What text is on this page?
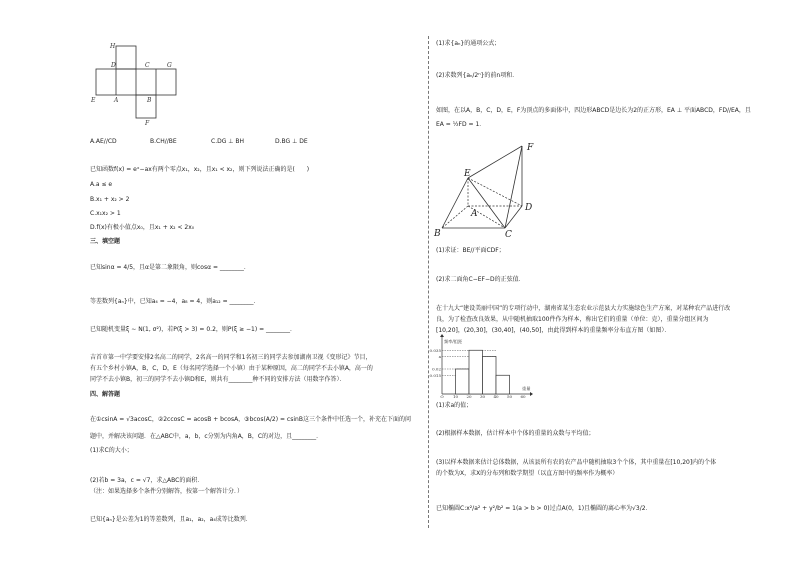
H
D	C	G
E	A	B
F
A.AE//CD	B.CH//BE	C.DG ⊥ BH	D.BG ⊥ DE
已知函数f(x) = eˣ−ax有两个零点x₁，x₂，且x₁ < x₂，则下列说法正确的是(　　)
A.a ≤ e
B.x₁ + x₂ > 2
C.x₁x₂ > 1
D.f(x)有极小值点x₀，且x₁ + x₂ < 2x₀
三、填空题
已知sinα = 4/5，且α是第二象限角，则cosα = ________．
等差数列{aₙ}中，已知a₄ = −4，a₈ = 4，则a₁₂ = ________．
已知随机变量ξ ∼ N(1, σ²)，若P(ξ > 3) = 0.2，则P(ξ ≥ −1) = ________．
吉首市第一中学要安排2名高二的同学，2名高一的同学和1名初三的同学去参加湖南卫视《变形记》节目，
有五个乡村小镇A，B，C，D，E（每名同学选择一个小镇）由于某种原因，高二的同学不去小镇A，高一的
同学不去小镇B，初三的同学不去小镇D和E，则共有________种不同的安排方法（用数字作答）．
四、解答题
在①csinA = √3acosC，②2ccosC = acosB + bcosA，③bcos(A/2) = csinB这三个条件中任选一个，补充在下面的问
题中，并解决该问题．在△ABC中，a，b，c分别为内角A，B，C的对边，且________．
(1)求C的大小；
(2)若b = 3a，c = √7，求△ABC的面积．
（注：如果选择多个条件分别解答，按第一个解答计分．）
已知{aₙ}是公差为1的等差数列，且a₁，a₂，a₄成等比数列．
(1)求{aₙ}的通项公式；
(2)求数列{aₙ/2ⁿ}的前n项和．
如图，在以A，B，C，D，E，F为顶点的多面体中，四边形ABCD是边长为2的正方形，EA ⊥ 平面ABCD，FD//EA，且
EA = ½FD = 1．
F
E
A
D
B	C
(1)求证：BE//平面CDF；
(2)求二面角C−EF−D的正弦值．
在十九大“建设美丽中国”的专项行动中，湖南省某生态农业示范县大力实施绿色生产方案，对某种农产品进行改
良，为了检查改良效果，从中随机抽取100件作为样本，称出它们的重量（单位：克），重量分组区间为
[10,20]，(20,30]，(30,40]，(40,50]，由此得到样本的重量频率分布直方图（如图）．
频率/组距
重量
0.035
0.02
0.015
a
O 10 20 30 40 50 60
(1)求a的值；
(2)根据样本数据，估计样本中个体的重量的众数与平均值；
(3)以样本数据来估计总体数据，从该县所有农的农产品中随机抽取3个个体，其中重量在[10,20]内的个体
的个数为X，求X的分布列和数学期望（以直方图中的频率作为概率）
已知椭圆C:x²/a² + y²/b² = 1(a > b > 0)过点A(0，1)且椭圆的离心率为√3/2．
